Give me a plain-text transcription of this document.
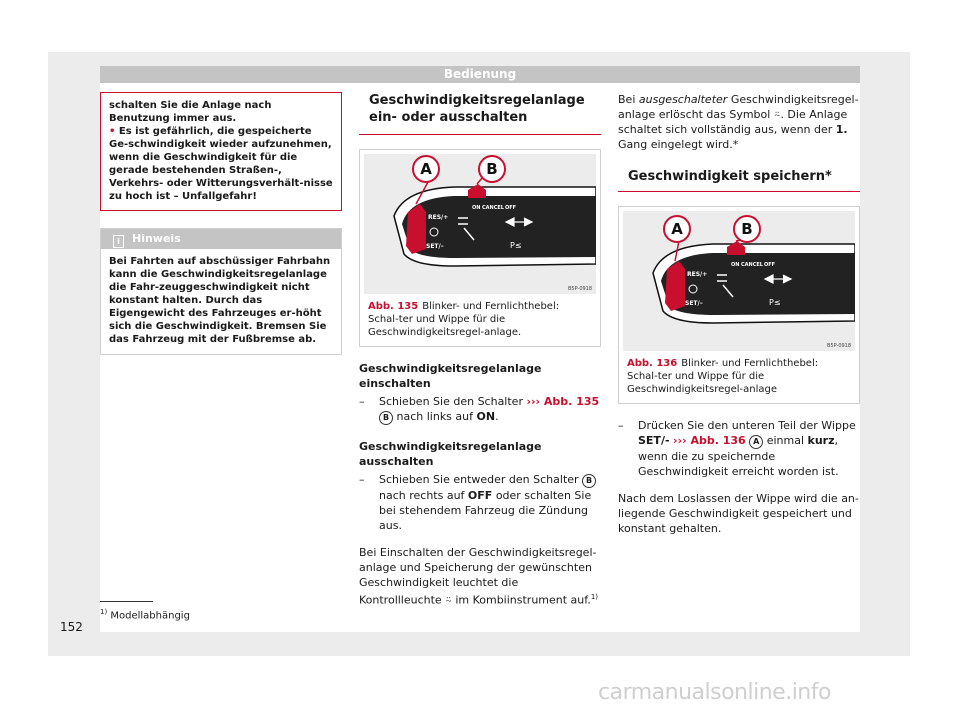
Bedienung

schalten Sie die Anlage nach Benutzung immer aus.

• Es ist gefährlich, die gespeicherte Ge-schwindigkeit wieder aufzunehmen, wenn die Geschwindigkeit für die gerade bestehenden Straßen-, Verkehrs- oder Witterungsverhält-nisse zu hoch ist – Unfallgefahr!

i Hinweis
Bei Fahrten auf abschüssiger Fahrbahn kann die Geschwindigkeitsregelanlage die Fahr-zeuggeschwindigkeit nicht konstant halten. Durch das Eigengewicht des Fahrzeuges er-höht sich die Geschwindigkeit. Bremsen Sie das Fahrzeug mit der Fußbremse ab.
Geschwindigkeitsregelanlage ein- oder ausschalten
A	B
ON CANCEL OFF
RES/+
SET/–	P≤
B5P-0918
Abb. 135 Blinker- und Fernlichthebel: Schal-ter und Wippe für die Geschwindigkeitsregel-anlage.
Geschwindigkeitsregelanlage einschalten
– Schieben Sie den Schalter ››› Abb. 135 B nach links auf ON.
Geschwindigkeitsregelanlage ausschalten
– Schieben Sie entweder den Schalter B nach rechts auf OFF oder schalten Sie bei stehendem Fahrzeug die Zündung aus.
Bei Einschalten der Geschwindigkeitsregel-anlage und Speicherung der gewünschten Geschwindigkeit leuchtet die Kontrollleuchte ⍨ im Kombiinstrument auf.$^{1)}$
Bei ausgeschalteter Geschwindigkeitsregel-anlage erlöscht das Symbol ⍨. Die Anlage schaltet sich vollständig aus, wenn der 1. Gang eingelegt wird.*
Geschwindigkeit speichern*
A	B
ON CANCEL OFF
RES/+
SET/–	P≤
B5P-0918
Abb. 136 Blinker- und Fernlichthebel: Schal-ter und Wippe für die Geschwindigkeitsregel-anlage
– Drücken Sie den unteren Teil der Wippe SET/- ››› Abb. 136 A einmal kurz, wenn die zu speichernde Geschwindigkeit erreicht worden ist.
Nach dem Loslassen der Wippe wird die an-liegende Geschwindigkeit gespeichert und konstant gehalten.
$^{1)}$ Modellabhängig
152
carmanualsonline.info
